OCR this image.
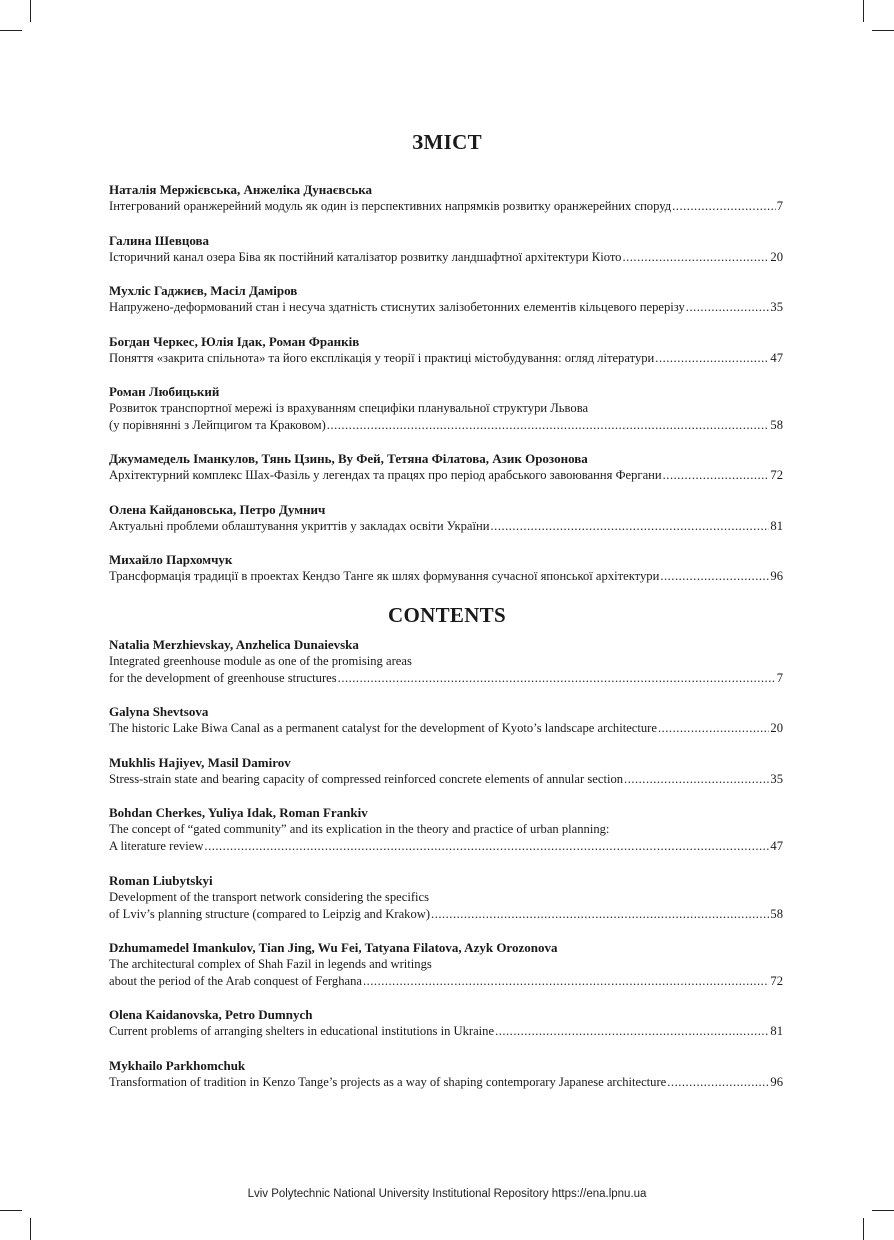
ЗМІСТ
Наталія Мержієвська, Анжеліка Дунаєвська
Інтегрований оранжерейний модуль як один із перспективних напрямків розвитку оранжерейних споруд .....	7
Галина Шевцова
Історичний канал озера Біва як постійний каталізатор розвитку ландшафтної архітектури Кіото .....	20
Мухліс Гаджиєв, Масіл Даміров
Напружено-деформований стан і несуча здатність стиснутих залізобетонних елементів кільцевого перерізу .....	35
Богдан Черкес, Юлія Ідак, Роман Франків
Поняття «закрита спільнота» та його експлікація у теорії і практиці містобудування: огляд літератури .....	47
Роман Любицький
Розвиток транспортної мережі із врахуванням специфіки планувальної структури Львова
(у порівнянні з Лейпцигом та Краковом) .....	58
Джумамедель Іманкулов, Тянь Цзинь, Ву Фей, Тетяна Філатова, Азик Орозонова
Архітектурний комплекс Шах-Фазіль у легендах та працях про період арабського завоювання Фергани .....	72
Олена Кайдановська, Петро Думнич
Актуальні проблеми облаштування укриттів у закладах освіти України .....	81
Михайло Пархомчук
Трансформація традиції в проектах Кендзо Танге як шлях формування сучасної японської архітектури .....	96
CONTENTS
Natalia Merzhievskay, Anzhelica Dunaievska
Integrated greenhouse module as one of the promising areas
for the development of greenhouse structures .....	7
Galyna Shevtsova
The historic Lake Biwa Canal as a permanent catalyst for the development of Kyoto’s landscape architecture .....	20
Mukhlis Hajiyev, Masil Damirov
Stress-strain state and bearing capacity of compressed reinforced concrete elements of annular section .....	35
Bohdan Cherkes, Yuliya Idak, Roman Frankiv
The concept of “gated community” and its explication in the theory and practice of urban planning:
A literature review .....	47
Roman Liubytskyi
Development of the transport network considering the specifics
of Lviv’s planning structure (compared to Leipzig and Krakow) .....	58
Dzhumamedel Imankulov, Tian Jing, Wu Fei, Tatyana Filatova, Azyk Orozonova
The architectural complex of Shah Fazil in legends and writings
about the period of the Arab conquest of Ferghana .....	72
Olena Kaidanovska, Petro Dumnych
Current problems of arranging shelters in educational institutions in Ukraine .....	81
Mykhailo Parkhomchuk
Transformation of tradition in Kenzo Tange’s projects as a way of shaping contemporary Japanese architecture .....	96
Lviv Polytechnic National University Institutional Repository https://ena.lpnu.ua
